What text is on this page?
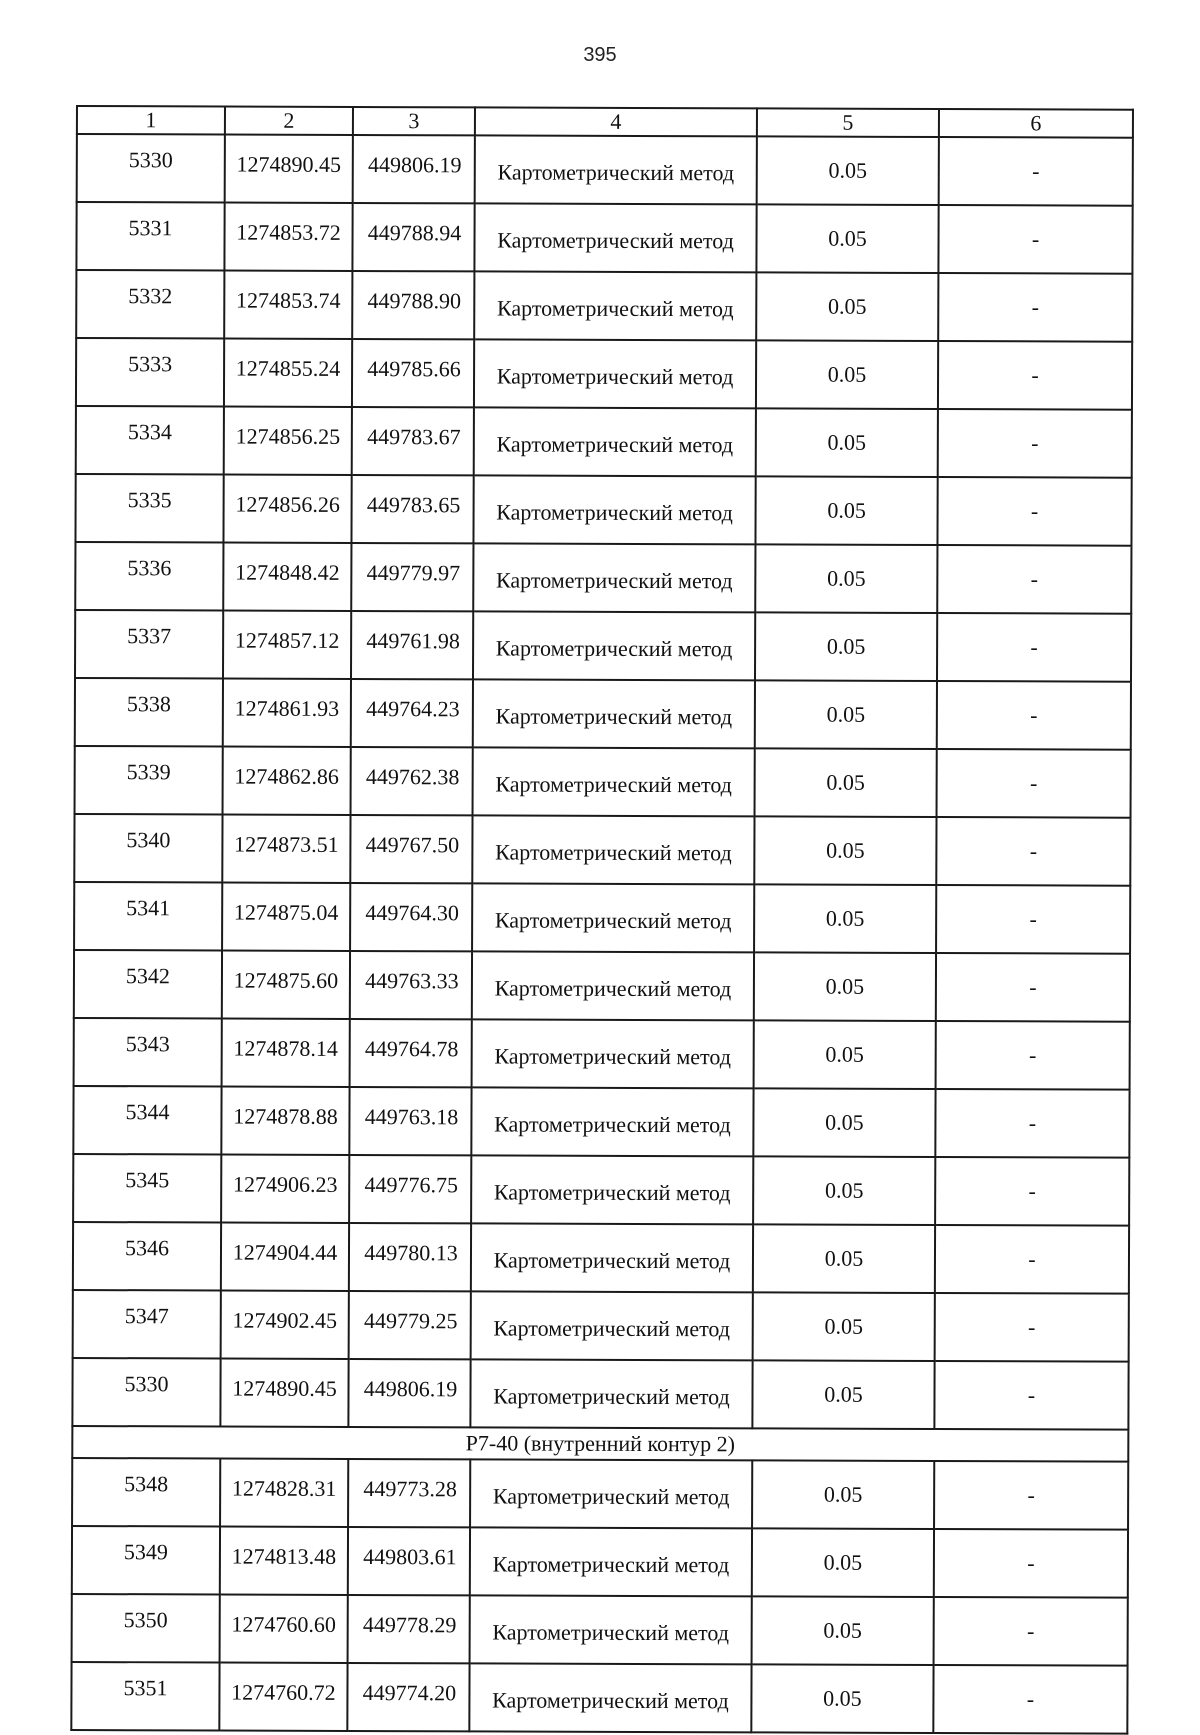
395
1	2	3	4	5	6
5330	1274890.45	449806.19	Картометрический метод	0.05	-
5331	1274853.72	449788.94	Картометрический метод	0.05	-
5332	1274853.74	449788.90	Картометрический метод	0.05	-
5333	1274855.24	449785.66	Картометрический метод	0.05	-
5334	1274856.25	449783.67	Картометрический метод	0.05	-
5335	1274856.26	449783.65	Картометрический метод	0.05	-
5336	1274848.42	449779.97	Картометрический метод	0.05	-
5337	1274857.12	449761.98	Картометрический метод	0.05	-
5338	1274861.93	449764.23	Картометрический метод	0.05	-
5339	1274862.86	449762.38	Картометрический метод	0.05	-
5340	1274873.51	449767.50	Картометрический метод	0.05	-
5341	1274875.04	449764.30	Картометрический метод	0.05	-
5342	1274875.60	449763.33	Картометрический метод	0.05	-
5343	1274878.14	449764.78	Картометрический метод	0.05	-
5344	1274878.88	449763.18	Картометрический метод	0.05	-
5345	1274906.23	449776.75	Картометрический метод	0.05	-
5346	1274904.44	449780.13	Картометрический метод	0.05	-
5347	1274902.45	449779.25	Картометрический метод	0.05	-
5330	1274890.45	449806.19	Картометрический метод	0.05	-
Р7-40 (внутренний контур 2)					
5348	1274828.31	449773.28	Картометрический метод	0.05	-
5349	1274813.48	449803.61	Картометрический метод	0.05	-
5350	1274760.60	449778.29	Картометрический метод	0.05	-
5351	1274760.72	449774.20	Картометрический метод	0.05	-
